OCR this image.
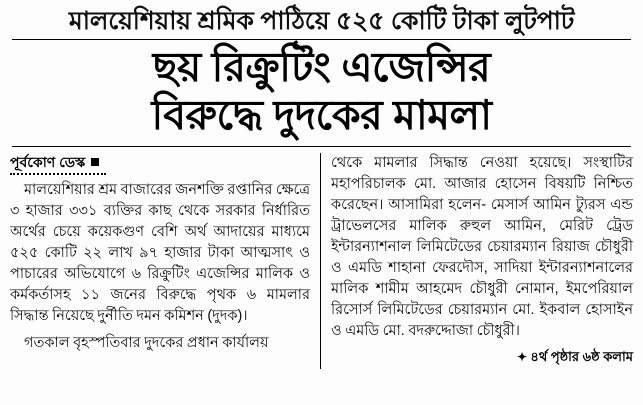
মালয়েশিয়ায় শ্রমিক পাঠিয়ে ৫২৫ কোটি টাকা লুটপাট
ছয় রিক্রুটিং এজেন্সির
বিরুদ্ধে দুদকের মামলা
পূর্বকোণ ডেস্ক

মালয়েশিয়ার শ্রম বাজারের জনশক্তি রপ্তানির ক্ষেত্রে ৩ হাজার ৩৩১ ব্যক্তির কাছ থেকে সরকার নির্ধারিত অর্থের চেয়ে কয়েকগুণ বেশি অর্থ আদায়ের মাধ্যমে ৫২৫ কোটি ২২ লাখ ৯৭ হাজার টাকা আত্মসাৎ ও পাচারের অভিযোগে ৬ রিক্রুটিং এজেন্সির মালিক ও কর্মকর্তাসহ ১১ জনের বিরুদ্ধে পৃথক ৬ মামলার সিদ্ধান্ত নিয়েছে দুর্নীতি দমন কমিশন (দুদক)।

গতকাল বৃহস্পতিবার দুদকের প্রধান কার্যালয়

থেকে মামলার সিদ্ধান্ত নেওয়া হয়েছে। সংস্থাটির মহাপরিচালক মো. আজার হোসেন বিষয়টি নিশ্চিত করেছেন। আসামিরা হলেন- মেসার্স আমিন ট্যুরস এন্ড ট্রাভেলসের মালিক রুহুল আমিন, মেরিট ট্রেড ইন্টারন্যাশনাল লিমিটেডের চেয়ারম্যান রিয়াজ চৌধুরী ও এমডি শাহানা ফেরদৌস, সাদিয়া ইন্টারন্যাশনালের মালিক শামীম আহমেদ চৌধুরী নোমান, ইমপেরিয়াল রিসোর্স লিমিটেডের চেয়ারম্যান মো. ইকবাল হোসাইন ও এমডি মো. বদরুদ্দোজা চৌধুরী।

✦ ৪র্থ পৃষ্ঠার ৬ষ্ঠ কলাম
